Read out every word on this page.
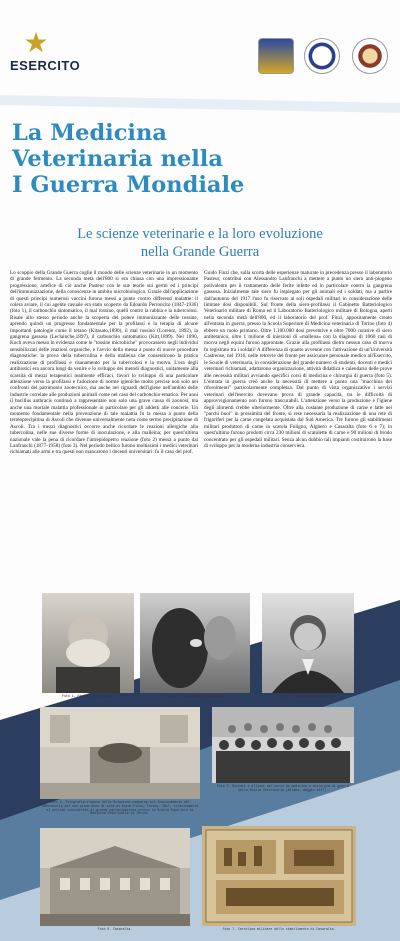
★
ESERCITO
La Medicina
Veterinaria nella
I Guerra Mondiale
Le scienze veterinarie e la loro evoluzione
nella Grande Guerra

Lo scoppio della Grande Guerra coglie il mondo delle scienze veterinarie in un momento di grande fermento. La seconda metà dell'800 si era chiusa con una impressionante progressione, artefice di ciò anche Pasteur con le sue teorie sui germi ed i principi dell'immunizzazione, della conoscenze in ambito microbiologico. Grazie dall'applicazione di questi principi numerosi vaccini furono messi a punto contro differenti malattie: il colera aviare, il cui agente casuale era stato scoperto da Edoardo Perroncito (1847-1936) (foto 1), il carbonchio sintomatico, il mal rossino, quelli contro la rabbia e la tubercolosi. Risale allo stesso periodo anche la scoperta del potere immunizzante delle tossine, aprendo quindi un progresso fondamentale per la profilassi e la terapia di alcune importanti patologie come il tetano (Kitasato,1890), il mal rossino (Lorentz, 1892), la gangrena gassosa (Leclainche,1897), il carbonchio sintomatico (Kitt,1899). Nel 1890, Koch aveva messo in evidenza come le "tossine microbiche" provocassero negli individui sensibilizzati delle reazioni organiche, e l'avvio della messa a punto di nuove procedure diagnostiche: la prova della tubercolina e della malleina che consentirono la pratica realizzazione di profilassi e risanamento per la tubercolosi e la morva. L'era degli antibiotici era ancora lungi da venire e lo sviluppo dei metodi diagnostici, unitamente alla scarsità di mezzi terapeutici realmente efficaci, favorì lo sviluppo di una particolare attenzione verso la profilassi e l'adozione di norme igieniche molto precise non solo nei confronti del patrimonio zootecnico, ma anche nei riguardi dell'igiene nell'ambito delle industrie correlate alle produzioni animali come nel caso del carbonchio ematico. Per anni il bacillus anthracis continuò a rappresentare non solo una grave causa di zoonosi, ma anche una mortale malattia professionale in particolare per gli addetti alle concerie. Un momento fondamentale nella prevenzione di tale malattia fu la messa a punto della termoprecipitina di Ascoli che divenne universalmente nota come termo precipitazione di Ascoli. Tra i mezzi diagnostici occorre anche ricordare le reazioni allergiche alla tubercolina, nelle sue diverse forme di inoculazione, e alla malleina; per quest'ultima nazionale vale la pena di ricordare l'intrepidopetro reazione (foto 2) messa a punto dal Lanfranchi (1877-1958) (foto 3). Nel periodo bellico furono moltissimi i medici veterinari richiamati alle armi e tra questi non mancarono i docenti universitari: fu il caso del prof.

Guido Finzi che, sulla scorta delle esperienze maturate in precedenza presso il laboratorio Pasteur, contribuì con Alessandro Lanfranchi a mettere a punto un siero anti-piogeno polivalente per il trattamento delle ferite infette ed in particolare contro la gangrena gassosa. Inizialmente tale siero fu impiegato per gli animali ed i soldati, ma a partire dall'autunno del 1917 l'uso fu riservato ai soli ospedali militari in considerazione delle limitate dosi disponibili. Sul fronte della siero-profilassi il Gabinetto Batteriologico Veterinario militare di Roma ed il Laboratorio Batteriologico militare di Bologna, aperti nella seconda metà dell'800, ed il laboratorio del prof. Finzi, appositamente creato all'entrata in guerra, presso la Scuola Superiore di Medicina veterinaria di Torino (foto 4) ebbero un ruolo primario. Oltre 1.100.000 dosi preventive e oltre 7000 curative di siero antitetanico, oltre 1 milione di iniezioni di «mallena» con la diagnosi di 1060 casi di morva negli equini furono approntate. Grazie alla profilassi dietro nessun caso di morva fu registrato tra i soldati! A differenza di quanto avvenne con l'attivazione di un'Università Castrense, nel 1916, nelle retrovie del fronte per assicurare personale medico all'Esercito, le Scuole di veterinaria, in considerazione del grande numero di studenti, docenti e medici veterinari richiamati, adattarono organizzazione, attività didattica e calendario delle prove alle necessità militari avviando specifici corsi di medicina e chirurgia di guerra (foto 5). L'entrata in guerra creò anche la necessità di mettere a punto una "macchina dei rifornimenti" particolarmente complessa. Dal punto di vista organizzativo i servizi veterinari dell'esercito dovevano prova di grande capacità, tra le difficoltà di approvvigionamento non furono trascurabili. L'attenzione verso la produzione e l'igiene degli alimenti crebbe ulteriormente. Oltre alla costante produzione di carne e latte nei "parchi buoi" in prossimità del fronte, si rese necessaria la realizzazione di una rete di frigoriferi per la carne congelata acquistata dal Sud America. Tre furono gli stabilimenti militari produttori di carne in scatola Foligno, Alghero e Casaralta (foto 6 e 7); in quest'ultimo furono prodotti circa 230 milioni di scatolette di carne e 90 milioni di brodo concentrato per gli ospedali militari. Senza alcun dubbio tali impianti costituirono la base di sviluppo per la moderna industria conserviera.

Foto 1. Edoardo Perroncito.	Foto 2. Intrapalpebro reazione.	Foto 3. Alessandro Lanfranchi.
Foto 4. Fotografia d'epoca della Relazione comparsa sul funzionamento del laboratorio nel suo primo anno di vita di Guido Finzi, Torino, 1917, relativamente al periodo considerato di grande partecipazione presso la Scuola Superiore di Medicina Veterinaria di Torino.
Foto 5. Docenti e allievi nel corso di medicina e chirurgia di guerra nella Scuola Veterinaria (Milano, maggio 1917).
Foto 6. Casaralta.	Foto 7. Cartolina militare dello stabilimento di Casaralta.
